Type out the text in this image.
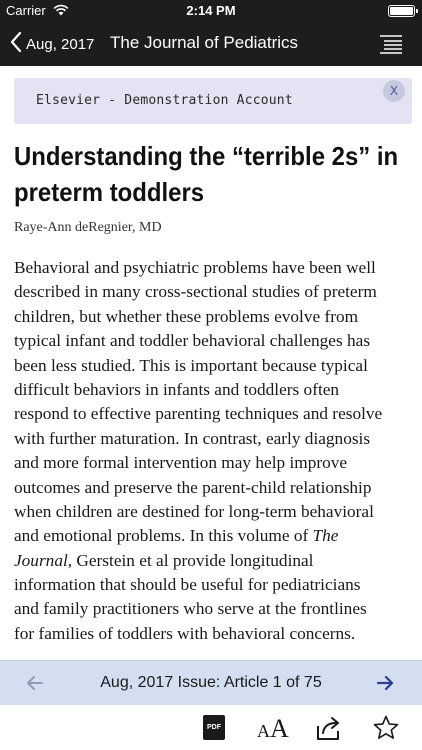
Carrier	2:14 PM
Aug, 2017 The Journal of Pediatrics
Elsevier - Demonstration Account
X
Understanding the “terrible 2s” in
preterm toddlers
Raye-Ann deRegnier, MD
Behavioral and psychiatric problems have been well
described in many cross-sectional studies of preterm
children, but whether these problems evolve from
typical infant and toddler behavioral challenges has
been less studied. This is important because typical
difficult behaviors in infants and toddlers often
respond to effective parenting techniques and resolve
with further maturation. In contrast, early diagnosis
and more formal intervention may help improve
outcomes and preserve the parent-child relationship
when children are destined for long-term behavioral
and emotional problems. In this volume of The
Journal, Gerstein et al provide longitudinal
information that should be useful for pediatricians
and family practitioners who serve at the frontlines
for families of toddlers with behavioral concerns.
Aug, 2017 Issue: Article 1 of 75
PDF AA
